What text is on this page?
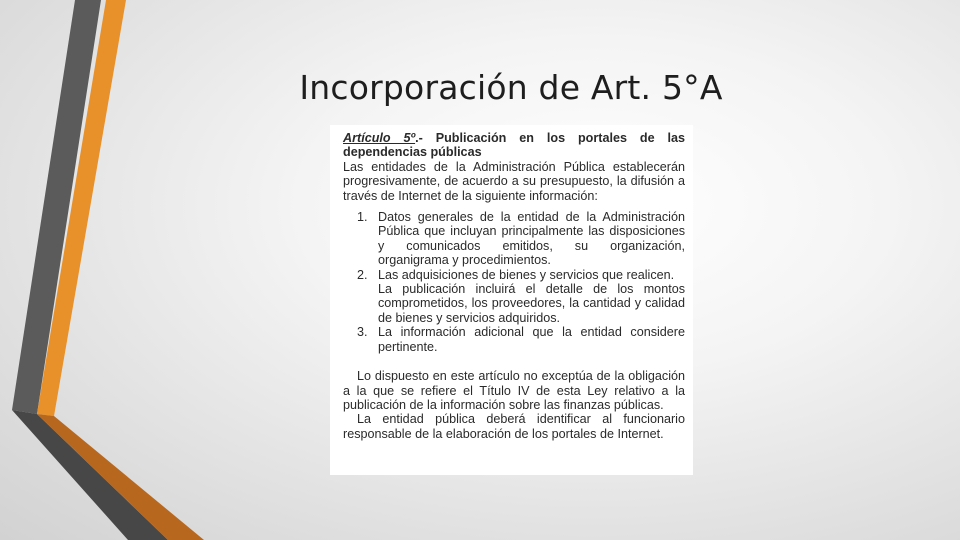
Incorporación de Art. 5°A

Artículo 5º.- Publicación en los portales de las dependencias públicas

Las entidades de la Administración Pública establecerán progresivamente, de acuerdo a su presupuesto, la difusión a través de Internet de la siguiente información:

1. Datos generales de la entidad de la Administración Pública que incluyan principalmente las disposiciones y comunicados emitidos, su organización, organigrama y procedimientos.
2. Las adquisiciones de bienes y servicios que realicen.
La publicación incluirá el detalle de los montos comprometidos, los proveedores, la cantidad y calidad de bienes y servicios adquiridos.
3. La información adicional que la entidad considere pertinente.

Lo dispuesto en este artículo no exceptúa de la obligación a la que se refiere el Título IV de esta Ley relativo a la publicación de la información sobre las finanzas públicas.

La entidad pública deberá identificar al funcionario responsable de la elaboración de los portales de Internet.
